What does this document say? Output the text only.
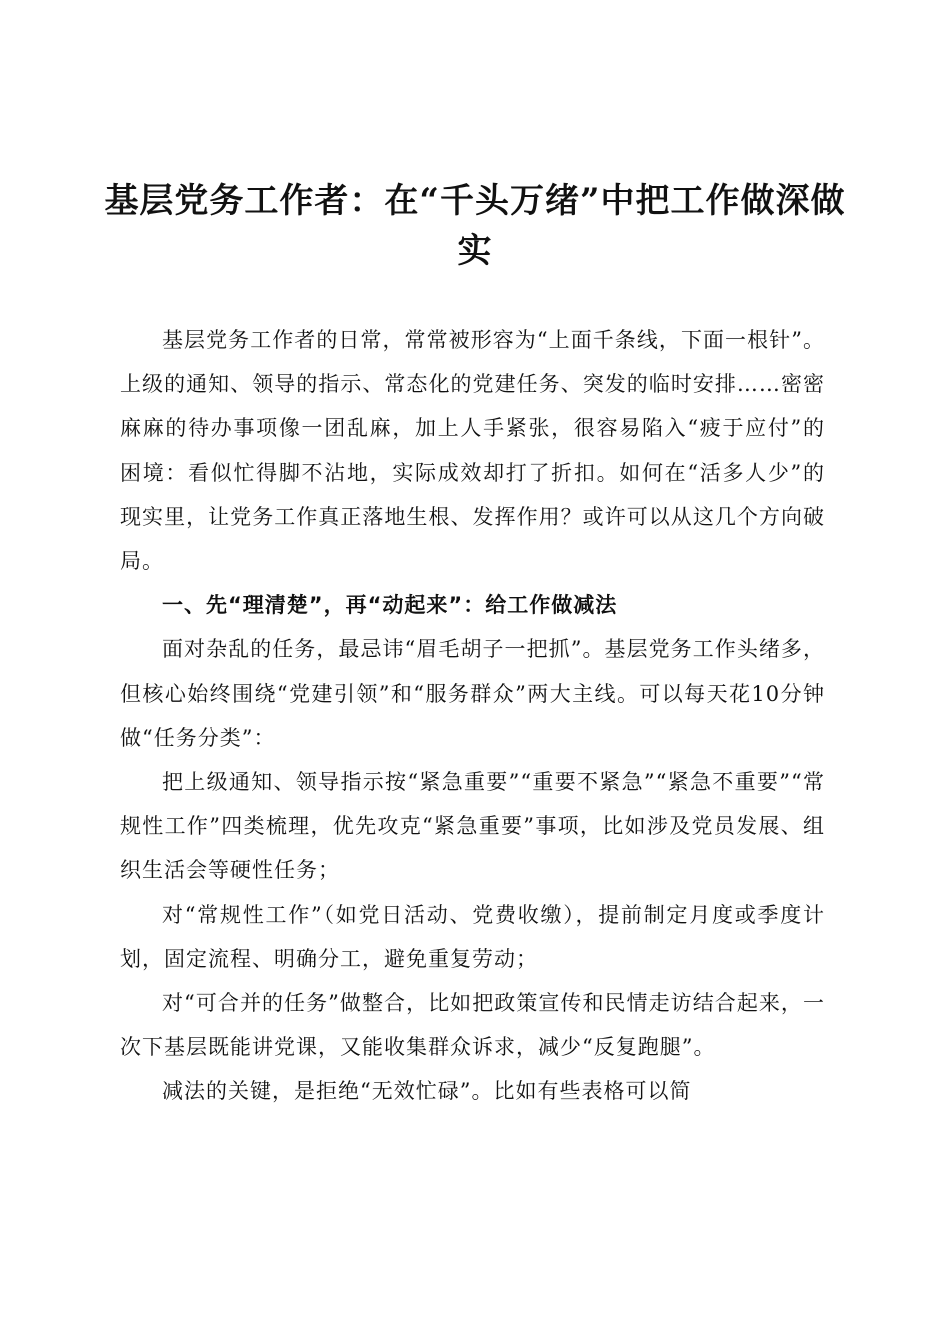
基层党务工作者：在“千头万绪”中把工作做深做实

基层党务工作者的日常，常常被形容为“上面千条线，下面一根针”。上级的通知、领导的指示、常态化的党建任务、突发的临时安排……密密麻麻的待办事项像一团乱麻，加上人手紧张，很容易陷入“疲于应付”的困境：看似忙得脚不沾地，实际成效却打了折扣。如何在“活多人少”的现实里，让党务工作真正落地生根、发挥作用？或许可以从这几个方向破局。

一、先“理清楚”，再“动起来”：给工作做减法

面对杂乱的任务，最忌讳“眉毛胡子一把抓”。基层党务工作头绪多，但核心始终围绕“党建引领”和“服务群众”两大主线。可以每天花10分钟做“任务分类”：

把上级通知、领导指示按“紧急重要”“重要不紧急”“紧急不重要”“常规性工作”四类梳理，优先攻克“紧急重要”事项，比如涉及党员发展、组织生活会等硬性任务；

对“常规性工作”（如党日活动、党费收缴），提前制定月度或季度计划，固定流程、明确分工，避免重复劳动；

对“可合并的任务”做整合，比如把政策宣传和民情走访结合起来，一次下基层既能讲党课，又能收集群众诉求，减少“反复跑腿”。

减法的关键，是拒绝“无效忙碌”。比如有些表格可以简
